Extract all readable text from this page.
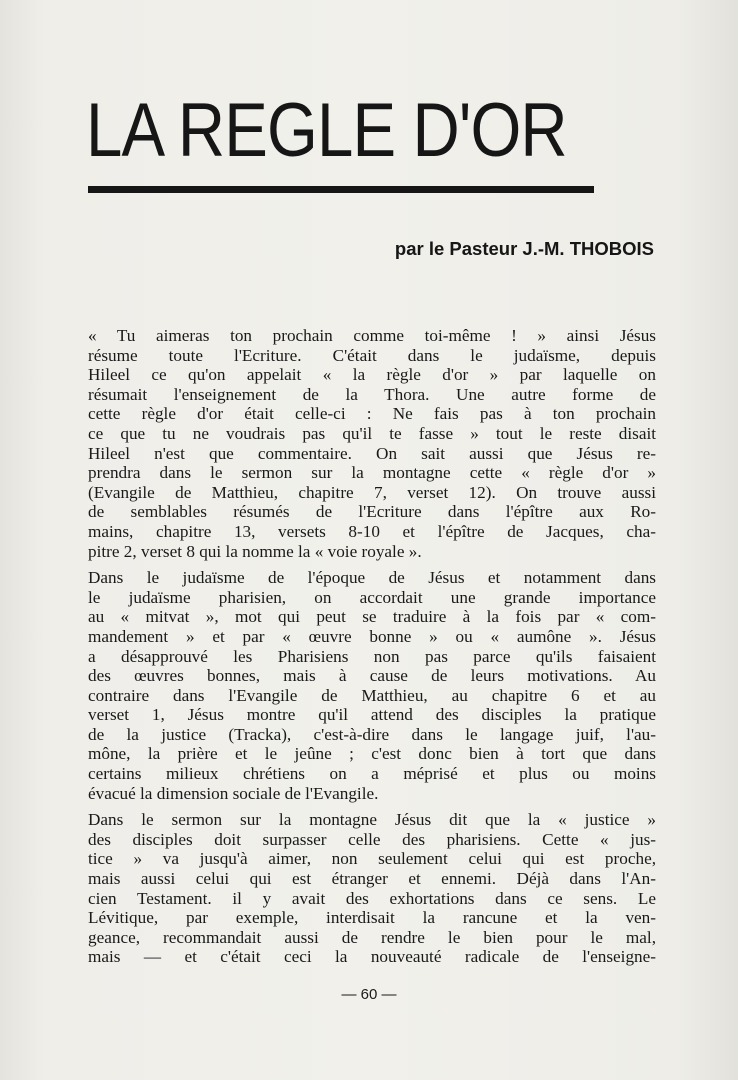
LA REGLE D'OR
par le Pasteur J.-M. THOBOIS
« Tu aimeras ton prochain comme toi-même ! » ainsi Jésus
résume toute l'Ecriture. C'était dans le judaïsme, depuis
Hileel ce qu'on appelait « la règle d'or » par laquelle on
résumait l'enseignement de la Thora. Une autre forme de
cette règle d'or était celle-ci : Ne fais pas à ton prochain
ce que tu ne voudrais pas qu'il te fasse » tout le reste disait
Hileel n'est que commentaire. On sait aussi que Jésus re-
prendra dans le sermon sur la montagne cette « règle d'or »
(Evangile de Matthieu, chapitre 7, verset 12). On trouve aussi
de semblables résumés de l'Ecriture dans l'épître aux Ro-
mains, chapitre 13, versets 8-10 et l'épître de Jacques, cha-
pitre 2, verset 8 qui la nomme la « voie royale ».
Dans le judaïsme de l'époque de Jésus et notamment dans
le judaïsme pharisien, on accordait une grande importance
au « mitvat », mot qui peut se traduire à la fois par « com-
mandement » et par « œuvre bonne » ou « aumône ». Jésus
a désapprouvé les Pharisiens non pas parce qu'ils faisaient
des œuvres bonnes, mais à cause de leurs motivations. Au
contraire dans l'Evangile de Matthieu, au chapitre 6 et au
verset 1, Jésus montre qu'il attend des disciples la pratique
de la justice (Tracka), c'est-à-dire dans le langage juif, l'au-
mône, la prière et le jeûne ; c'est donc bien à tort que dans
certains milieux chrétiens on a méprisé et plus ou moins
évacué la dimension sociale de l'Evangile.
Dans le sermon sur la montagne Jésus dit que la « justice »
des disciples doit surpasser celle des pharisiens. Cette « jus-
tice » va jusqu'à aimer, non seulement celui qui est proche,
mais aussi celui qui est étranger et ennemi. Déjà dans l'An-
cien Testament. il y avait des exhortations dans ce sens. Le
Lévitique, par exemple, interdisait la rancune et la ven-
geance, recommandait aussi de rendre le bien pour le mal,
mais — et c'était ceci la nouveauté radicale de l'enseigne-
— 60 —
